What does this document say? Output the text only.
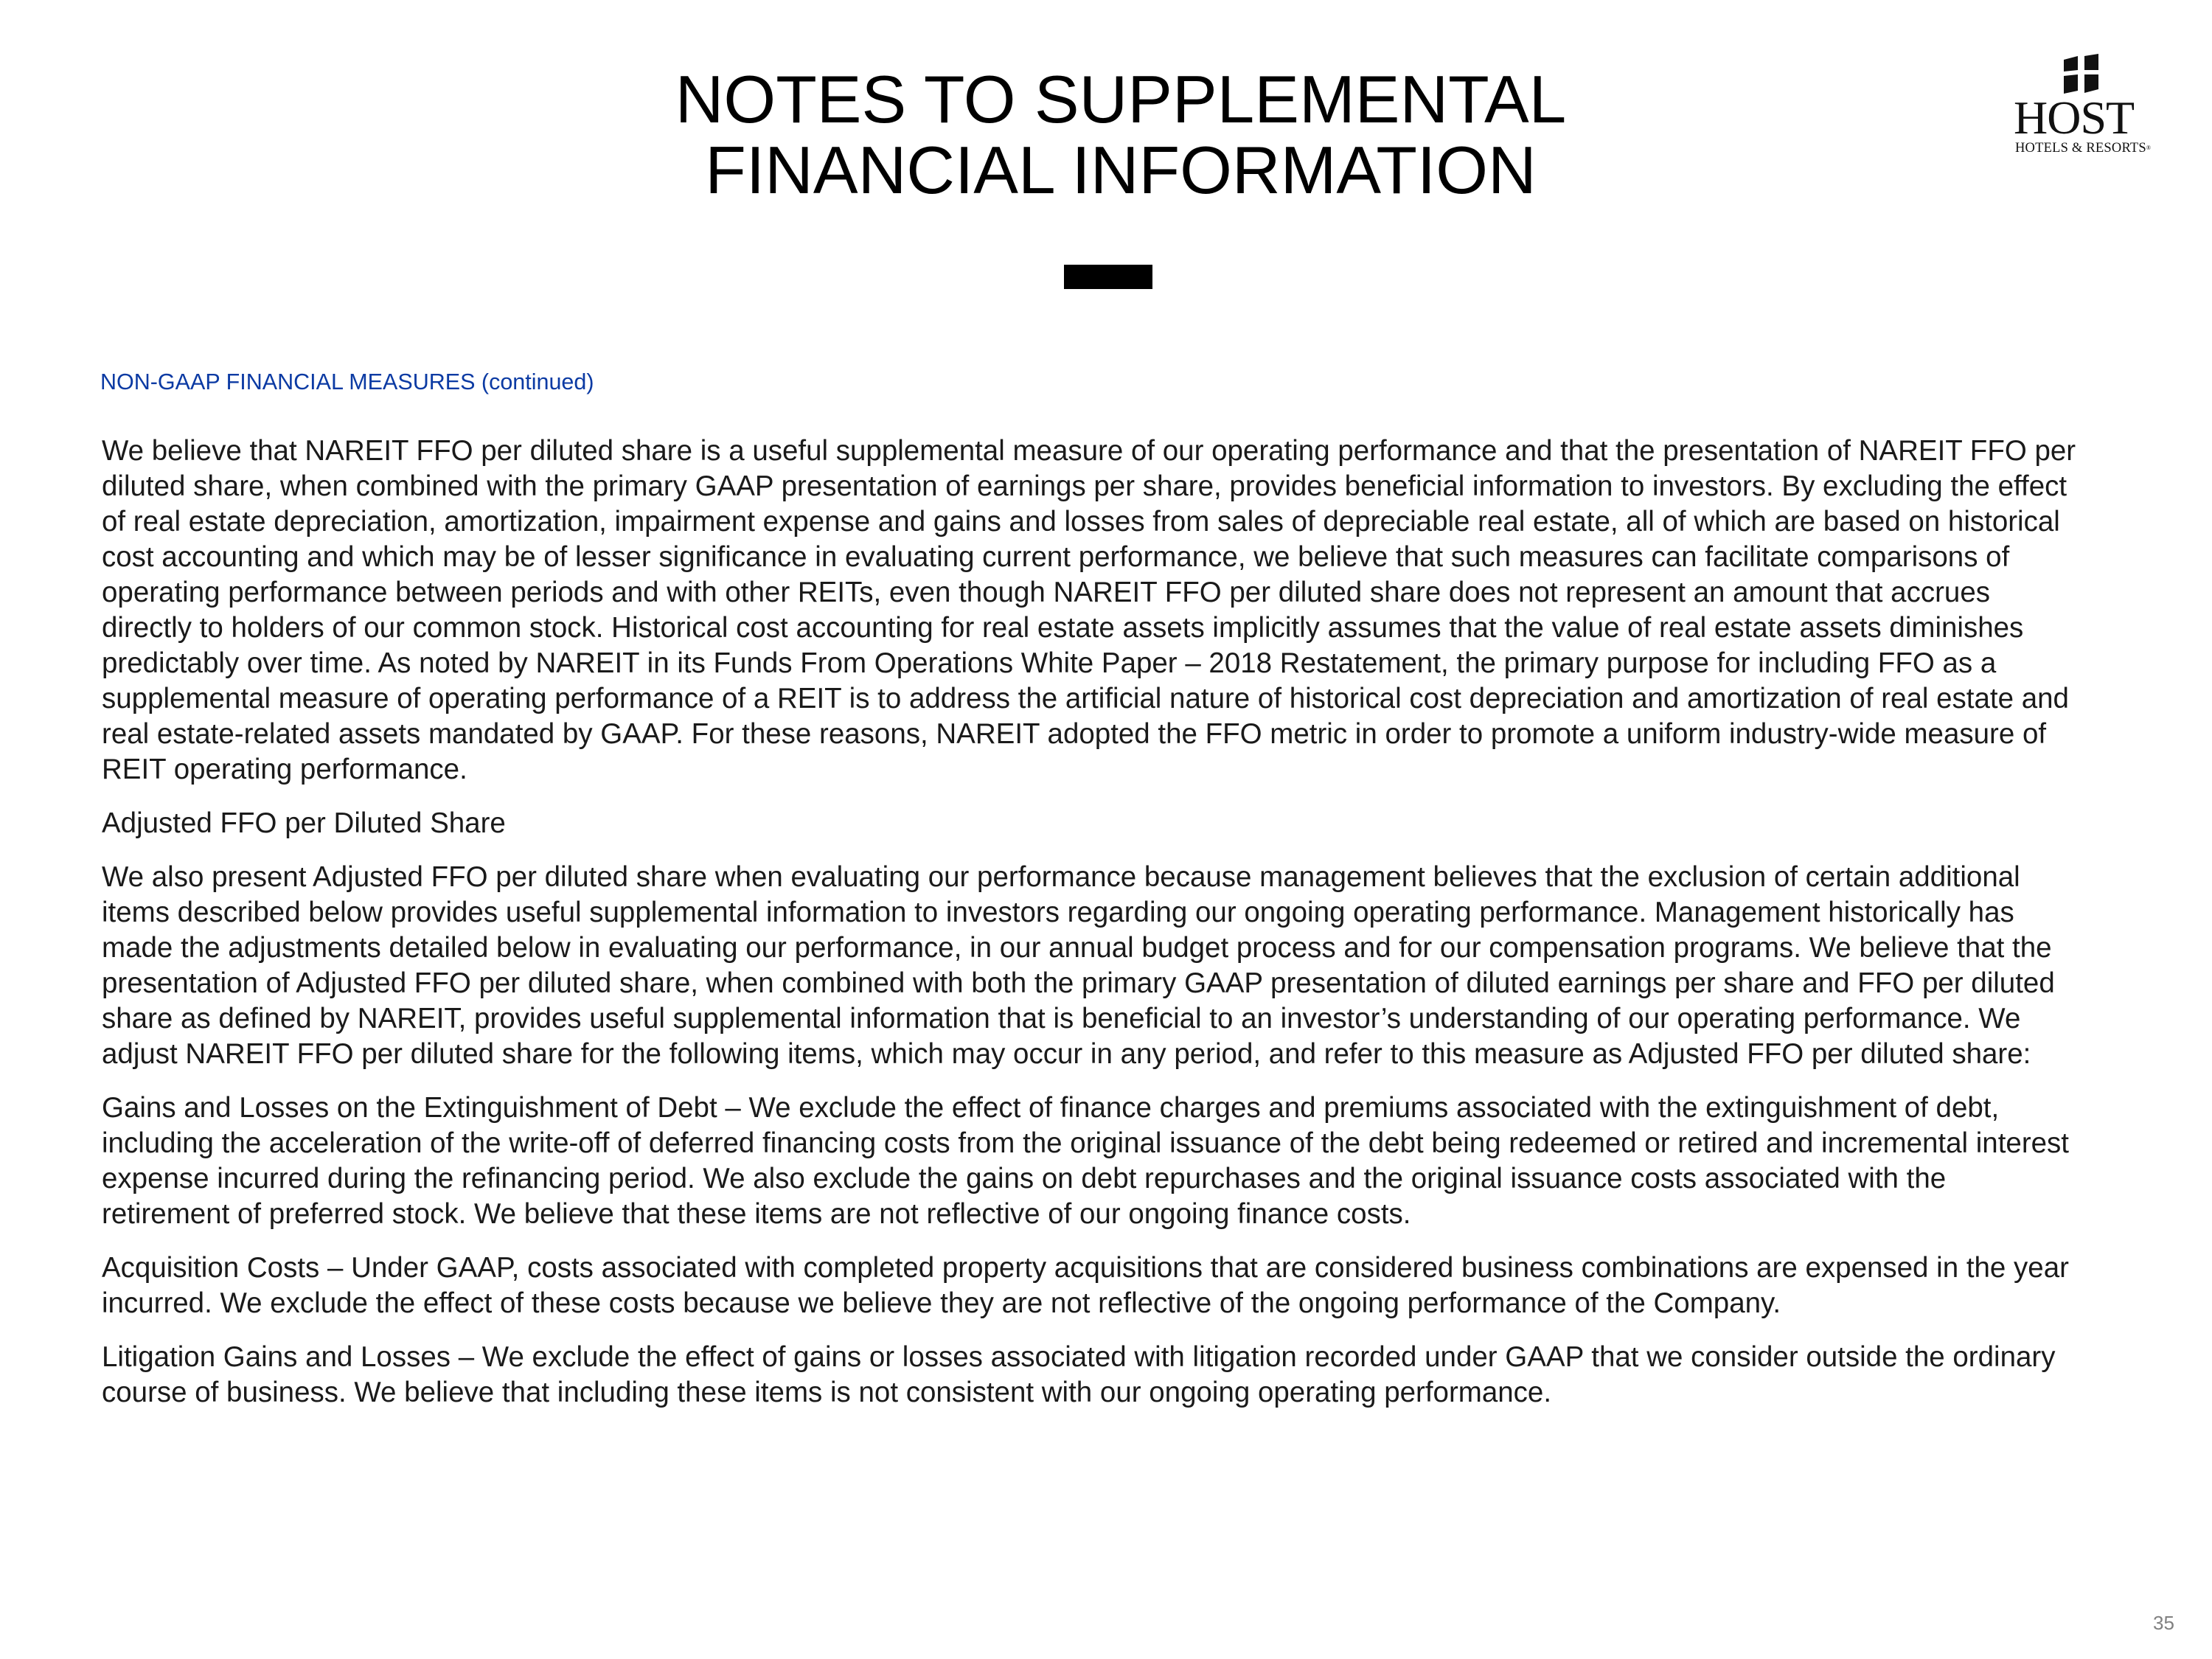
NOTES TO SUPPLEMENTAL
FINANCIAL INFORMATION
HOST
HOTELS & RESORTS®
NON-GAAP FINANCIAL MEASURES (continued)

We believe that NAREIT FFO per diluted share is a useful supplemental measure of our operating performance and that the presentation of NAREIT FFO per
diluted share, when combined with the primary GAAP presentation of earnings per share, provides beneficial information to investors. By excluding the effect
of real estate depreciation, amortization, impairment expense and gains and losses from sales of depreciable real estate, all of which are based on historical
cost accounting and which may be of lesser significance in evaluating current performance, we believe that such measures can facilitate comparisons of
operating performance between periods and with other REITs, even though NAREIT FFO per diluted share does not represent an amount that accrues
directly to holders of our common stock. Historical cost accounting for real estate assets implicitly assumes that the value of real estate assets diminishes
predictably over time. As noted by NAREIT in its Funds From Operations White Paper – 2018 Restatement, the primary purpose for including FFO as a
supplemental measure of operating performance of a REIT is to address the artificial nature of historical cost depreciation and amortization of real estate and
real estate-related assets mandated by GAAP. For these reasons, NAREIT adopted the FFO metric in order to promote a uniform industry-wide measure of
REIT operating performance.

Adjusted FFO per Diluted Share

We also present Adjusted FFO per diluted share when evaluating our performance because management believes that the exclusion of certain additional
items described below provides useful supplemental information to investors regarding our ongoing operating performance. Management historically has
made the adjustments detailed below in evaluating our performance, in our annual budget process and for our compensation programs. We believe that the
presentation of Adjusted FFO per diluted share, when combined with both the primary GAAP presentation of diluted earnings per share and FFO per diluted
share as defined by NAREIT, provides useful supplemental information that is beneficial to an investor’s understanding of our operating performance. We
adjust NAREIT FFO per diluted share for the following items, which may occur in any period, and refer to this measure as Adjusted FFO per diluted share:

Gains and Losses on the Extinguishment of Debt – We exclude the effect of finance charges and premiums associated with the extinguishment of debt,
including the acceleration of the write-off of deferred financing costs from the original issuance of the debt being redeemed or retired and incremental interest
expense incurred during the refinancing period. We also exclude the gains on debt repurchases and the original issuance costs associated with the
retirement of preferred stock. We believe that these items are not reflective of our ongoing finance costs.

Acquisition Costs – Under GAAP, costs associated with completed property acquisitions that are considered business combinations are expensed in the year
incurred. We exclude the effect of these costs because we believe they are not reflective of the ongoing performance of the Company.

Litigation Gains and Losses – We exclude the effect of gains or losses associated with litigation recorded under GAAP that we consider outside the ordinary
course of business. We believe that including these items is not consistent with our ongoing operating performance.

35
